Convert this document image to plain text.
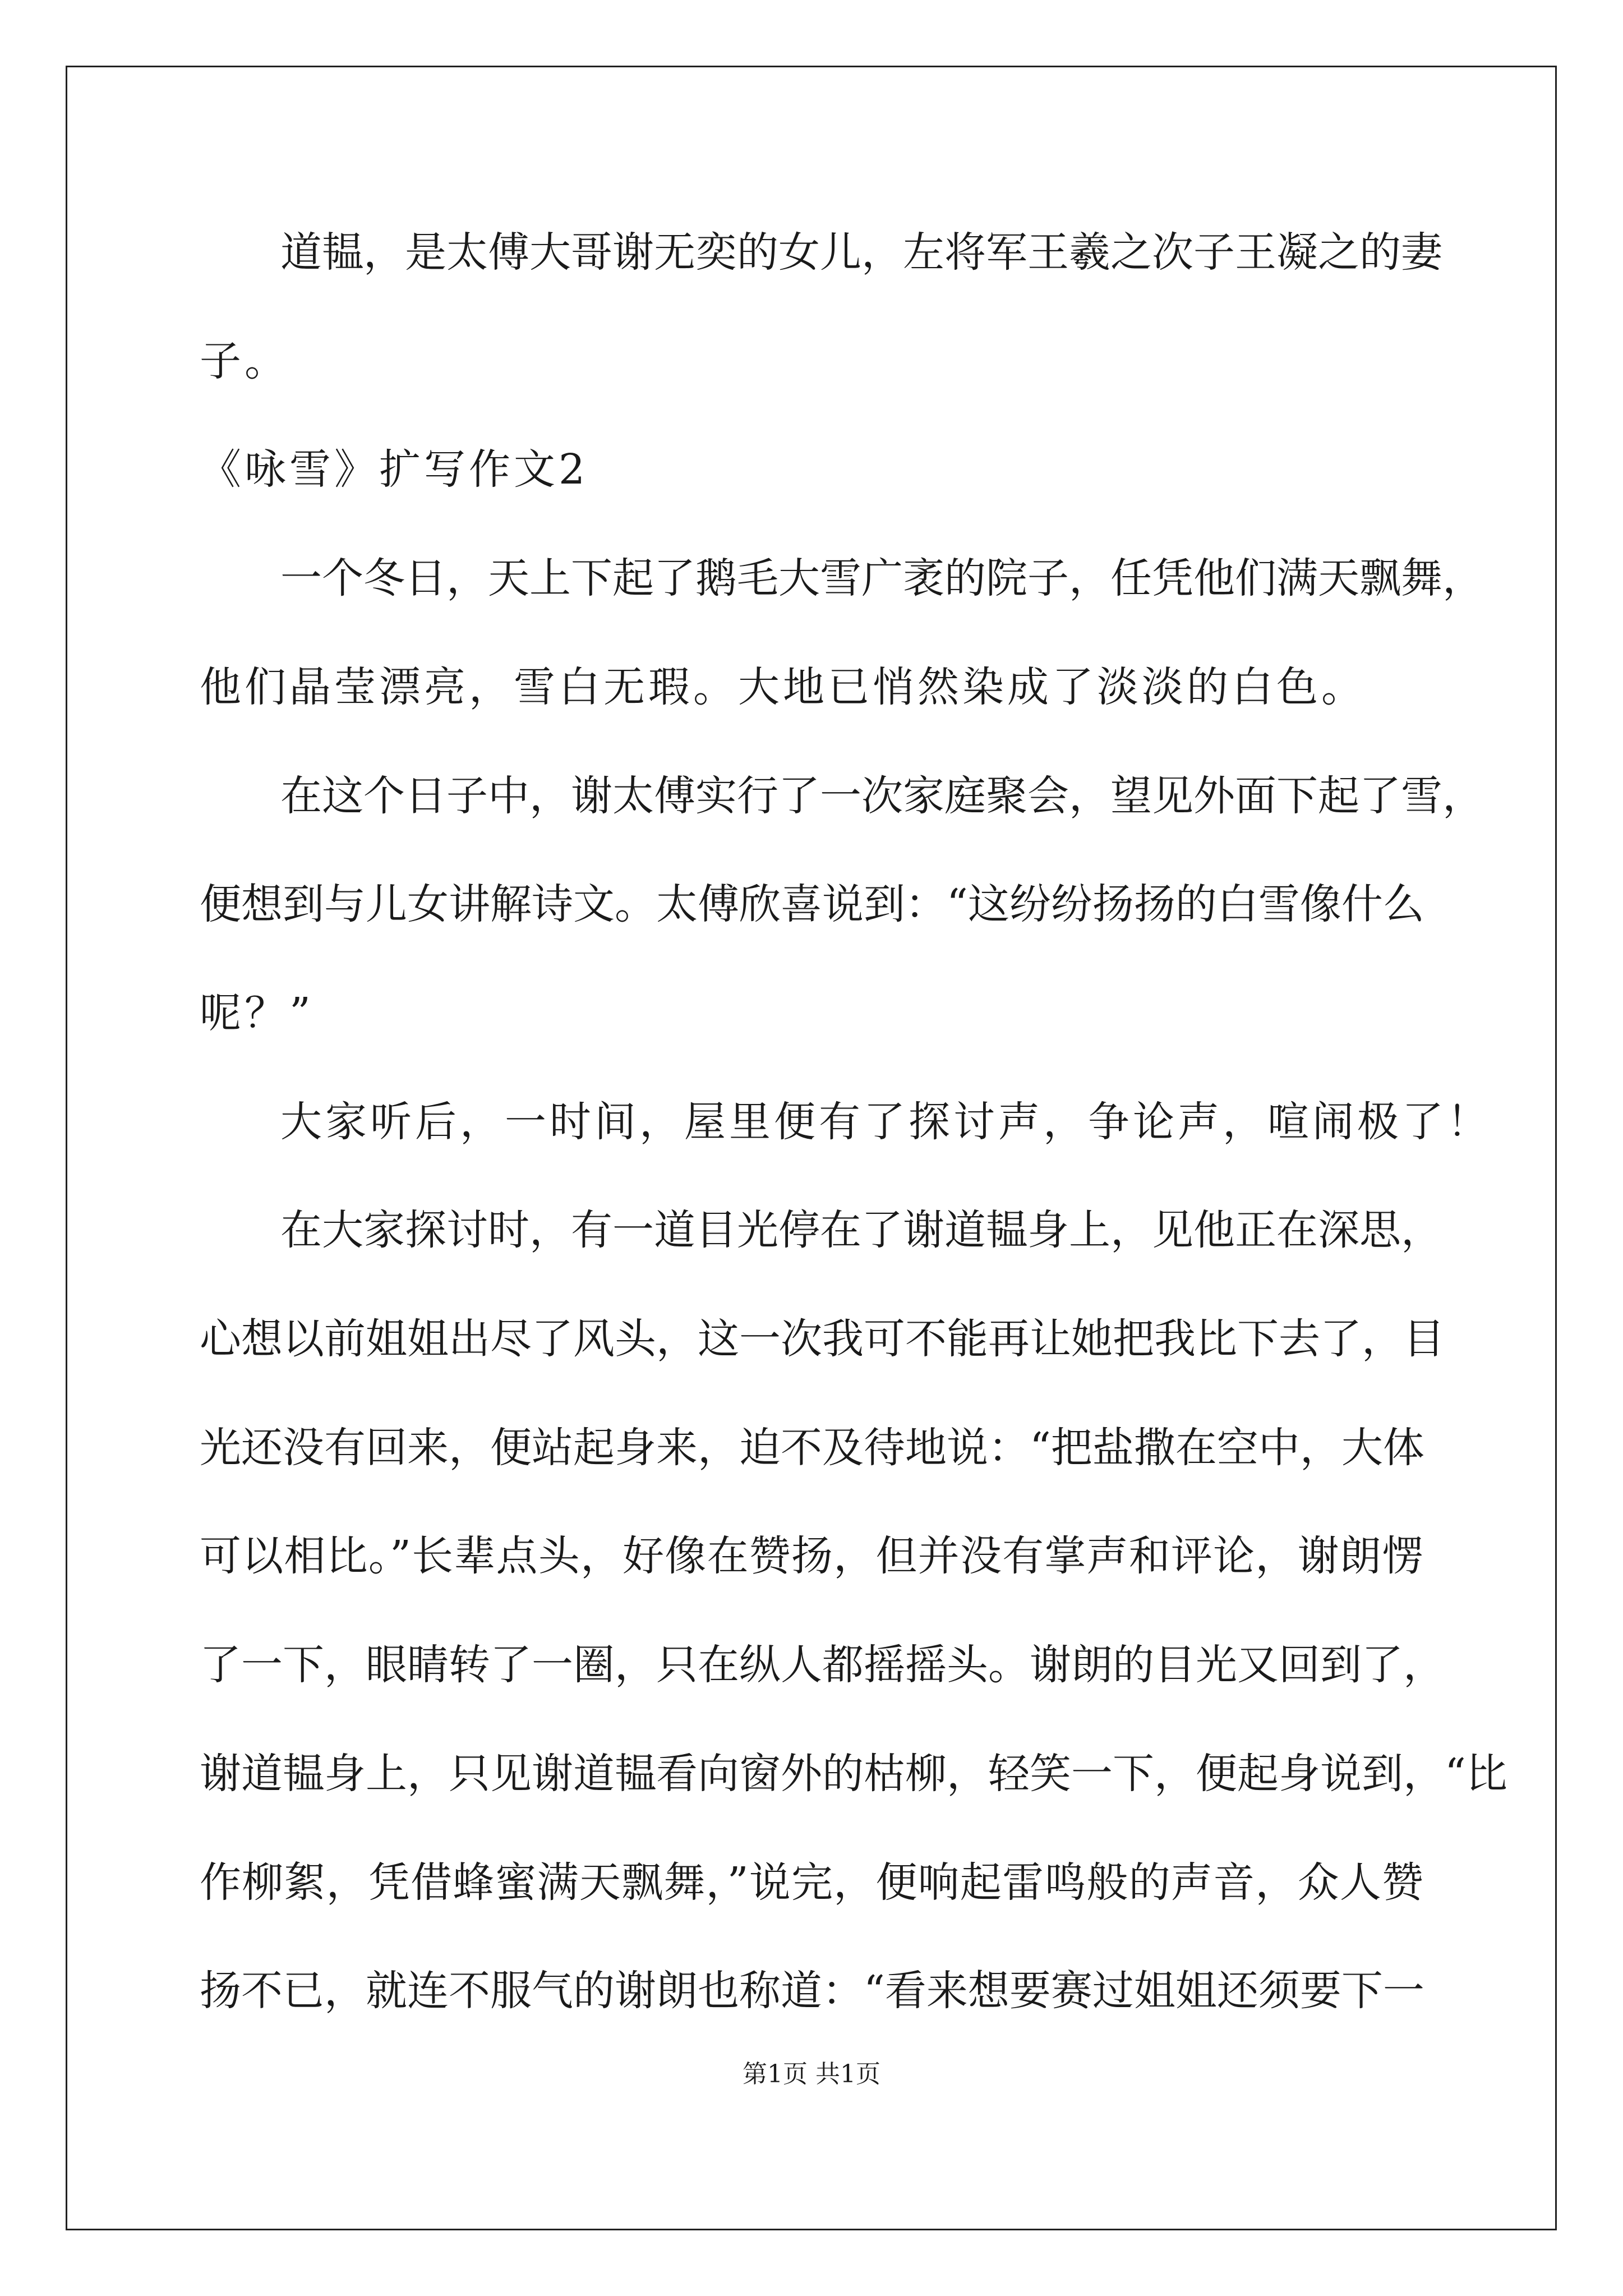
道韫，是太傅大哥谢无奕的女儿，左将军王羲之次子王凝之的妻
子。
《咏雪》扩写作文2
一个冬日，天上下起了鹅毛大雪广袤的院子，任凭他们满天飘舞，
他们晶莹漂亮，雪白无瑕。大地已悄然染成了淡淡的白色。
在这个日子中，谢太傅实行了一次家庭聚会，望见外面下起了雪，
便想到与儿女讲解诗文。太傅欣喜说到：“这纷纷扬扬的白雪像什么
呢？”
大家听后，一时间，屋里便有了探讨声，争论声，喧闹极了！
在大家探讨时，有一道目光停在了谢道韫身上，见他正在深思，
心想以前姐姐出尽了风头，这一次我可不能再让她把我比下去了，目
光还没有回来，便站起身来，迫不及待地说：“把盐撒在空中，大体
可以相比。”长辈点头，好像在赞扬，但并没有掌声和评论，谢朗愣
了一下，眼睛转了一圈，只在纵人都摇摇头。谢朗的目光又回到了，
谢道韫身上，只见谢道韫看向窗外的枯柳，轻笑一下，便起身说到，“比
作柳絮，凭借蜂蜜满天飘舞，”说完，便响起雷鸣般的声音，众人赞
扬不已，就连不服气的谢朗也称道：“看来想要赛过姐姐还须要下一
第1页 共1页
